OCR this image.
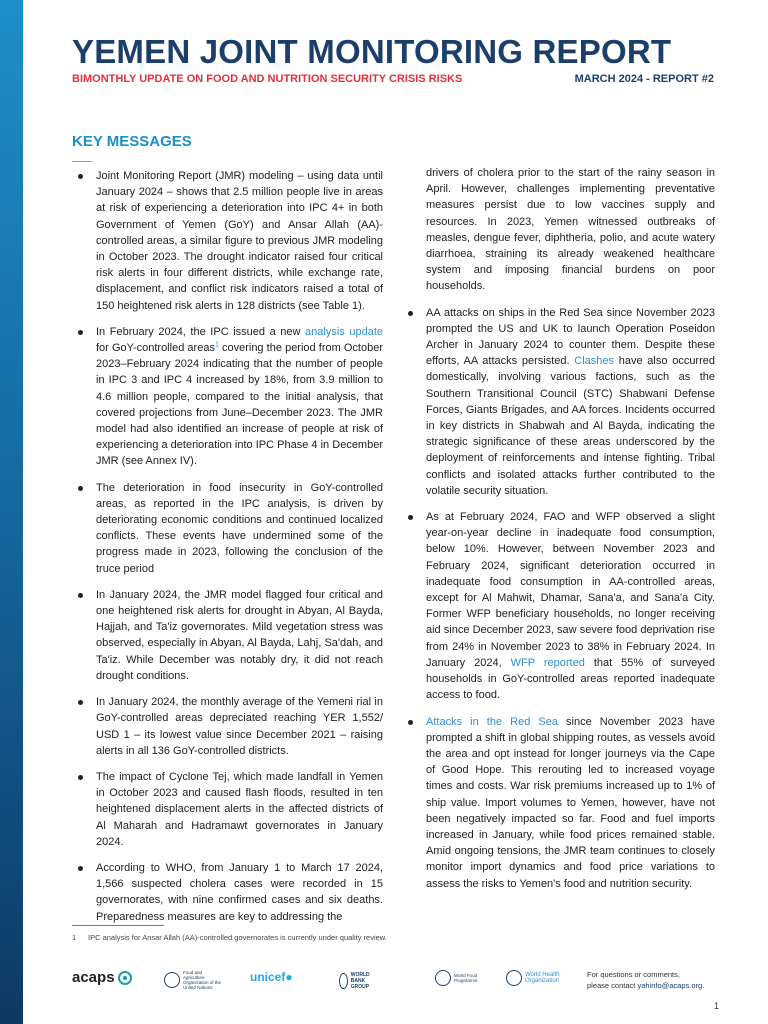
YEMEN JOINT MONITORING REPORT
BIMONTHLY UPDATE ON FOOD AND NUTRITION SECURITY CRISIS RISKS	MARCH 2024 - REPORT #2
KEY MESSAGES
Joint Monitoring Report (JMR) modeling – using data until January 2024 – shows that 2.5 million people live in areas at risk of experiencing a deterioration into IPC 4+ in both Government of Yemen (GoY) and Ansar Allah (AA)-controlled areas, a similar figure to previous JMR modeling in October 2023. The drought indicator raised four critical risk alerts in four different districts, while exchange rate, displacement, and conflict risk indicators raised a total of 150 heightened risk alerts in 128 districts (see Table 1).
In February 2024, the IPC issued a new analysis update for GoY-controlled areas$^1$ covering the period from October 2023–February 2024 indicating that the number of people in IPC 3 and IPC 4 increased by 18%, from 3.9 million to 4.6 million people, compared to the initial analysis, that covered projections from June–December 2023. The JMR model had also identified an increase of people at risk of experiencing a deterioration into IPC Phase 4 in December JMR (see Annex IV).
The deterioration in food insecurity in GoY-controlled areas, as reported in the IPC analysis, is driven by deteriorating economic conditions and continued localized conflicts. These events have undermined some of the progress made in 2023, following the conclusion of the truce period
In January 2024, the JMR model flagged four critical and one heightened risk alerts for drought in Abyan, Al Bayda, Hajjah, and Ta'iz governorates. Mild vegetation stress was observed, especially in Abyan, Al Bayda, Lahj, Sa'dah, and Ta'iz. While December was notably dry, it did not reach drought conditions.
In January 2024, the monthly average of the Yemeni rial in GoY-controlled areas depreciated reaching YER 1,552/ USD 1 – its lowest value since December 2021 – raising alerts in all 136 GoY-controlled districts.
The impact of Cyclone Tej, which made landfall in Yemen in October 2023 and caused flash floods, resulted in ten heightened displacement alerts in the affected districts of Al Maharah and Hadramawt governorates in January 2024.
According to WHO, from January 1 to March 17 2024, 1,566 suspected cholera cases were recorded in 15 governorates, with nine confirmed cases and six deaths. Preparedness measures are key to addressing the
drivers of cholera prior to the start of the rainy season in April. However, challenges implementing preventative measures persist due to low vaccines supply and resources. In 2023, Yemen witnessed outbreaks of measles, dengue fever, diphtheria, polio, and acute watery diarrhoea, straining its already weakened healthcare system and imposing financial burdens on poor households.
AA attacks on ships in the Red Sea since November 2023 prompted the US and UK to launch Operation Poseidon Archer in January 2024 to counter them. Despite these efforts, AA attacks persisted. Clashes have also occurred domestically, involving various factions, such as the Southern Transitional Council (STC) Shabwani Defense Forces, Giants Brigades, and AA forces. Incidents occurred in key districts in Shabwah and Al Bayda, indicating the strategic significance of these areas underscored by the deployment of reinforcements and intense fighting. Tribal conflicts and isolated attacks further contributed to the volatile security situation.
As at February 2024, FAO and WFP observed a slight year-on-year decline in inadequate food consumption, below 10%. However, between November 2023 and February 2024, significant deterioration occurred in inadequate food consumption in AA-controlled areas, except for Al Mahwit, Dhamar, Sana'a, and Sana'a City. Former WFP beneficiary households, no longer receiving aid since December 2023, saw severe food deprivation rise from 24% in November 2023 to 38% in February 2024. In January 2024, WFP reported that 55% of surveyed households in GoY-controlled areas reported inadequate access to food.
Attacks in the Red Sea since November 2023 have prompted a shift in global shipping routes, as vessels avoid the area and opt instead for longer journeys via the Cape of Good Hope. This rerouting led to increased voyage times and costs. War risk premiums increased up to 1% of ship value. Import volumes to Yemen, however, have not been negatively impacted so far. Food and fuel imports increased in January, while food prices remained stable. Amid ongoing tensions, the JMR team continues to closely monitor import dynamics and food price variations to assess the risks to Yemen's food and nutrition security.
1 IPC analysis for Ansar Allah (AA)-controlled governorates is currently under quality review.
acaps	Food and Agriculture Organization of the United Nations
unicef ●	WORLD BANK GROUP
World Food Programme
World Health Organization
For questions or comments,
please contact yahinfo@acaps.org.
1
